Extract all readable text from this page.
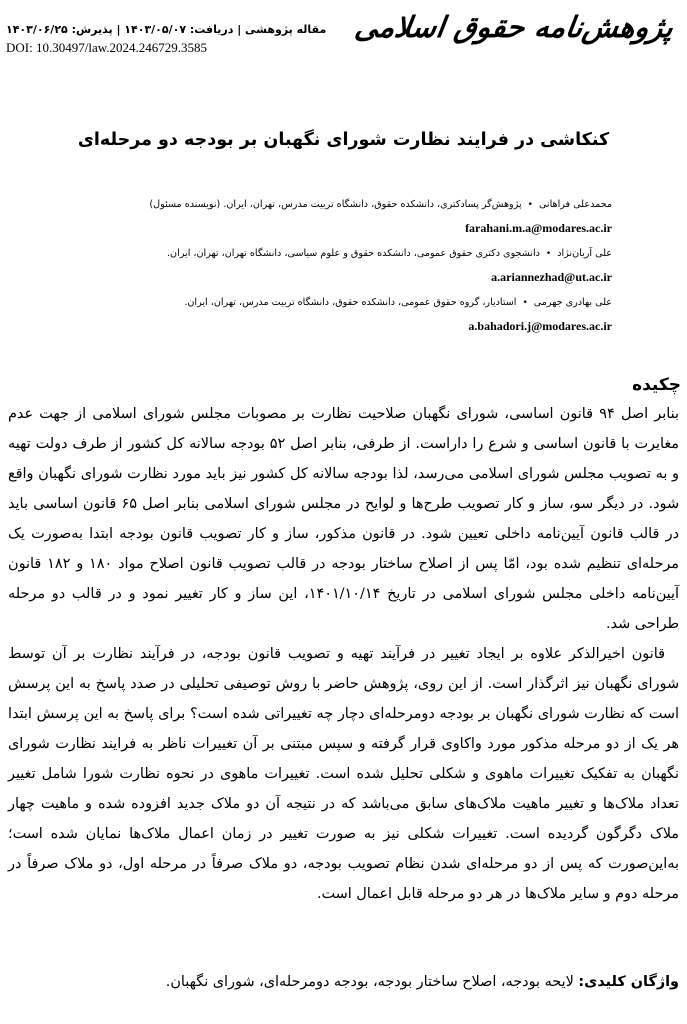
مقاله پژوهشی | دریافت: ۱۴۰۳/۰۵/۰۷ | پذیرش: ۱۴۰۳/۰۶/۲۵
DOI: 10.30497/law.2024.246729.3585
پژوهش‌نامه حقوق اسلامی
کنکاشی در فرایند نظارت شورای نگهبان بر بودجه دو مرحله‌ای
محمدعلی فراهانی•پژوهش‌گر پسادکتری، دانشکده حقوق، دانشگاه تربیت مدرس، تهران، ایران. (نویسنده مسئول)
farahani.m.a@modares.ac.ir
علی آریان‌نژاد•دانشجوی دکتری حقوق عمومی، دانشکده حقوق و علوم سیاسی، دانشگاه تهران، تهران، ایران.
a.ariannezhad@ut.ac.ir
علی بهادری جهرمی•استادیار، گروه حقوق عمومی، دانشکده حقوق، دانشگاه تربیت مدرس، تهران، ایران.
a.bahadori.j@modares.ac.ir
چکیده

بنابر اصل ۹۴ قانون اساسی، شورای نگهبان صلاحیت نظارت بر مصوبات مجلس شورای اسلامی از جهت عدم مغایرت با قانون اساسی و شرع را داراست. از طرفی، بنابر اصل ۵۲ بودجه سالانه کل کشور از طرف دولت تهیه و به تصویب مجلس شورای اسلامی می‌رسد، لذا بودجه سالانه کل کشور نیز باید مورد نظارت شورای نگهبان واقع شود. در دیگر سو، ساز و کار تصویب طرح‌ها و لوایح در مجلس شورای اسلامی بنابر اصل ۶۵ قانون اساسی باید در قالب قانون آیین‌نامه داخلی تعیین شود. در قانون مذکور، ساز و کار تصویب قانون بودجه ابتدا به‌صورت یک مرحله‌ای تنظیم شده بود، امّا پس از اصلاح ساختار بودجه در قالب تصویب قانون اصلاح مواد ۱۸۰ و ۱۸۲ قانون آیین‌نامه داخلی مجلس شورای اسلامی در تاریخ ۱۴۰۱/۱۰/۱۴، این ساز و کار تغییر نمود و در قالب دو مرحله طراحی شد.

قانون اخیرالذکر علاوه بر ایجاد تغییر در فرآیند تهیه و تصویب قانون بودجه، در فرآیند نظارت بر آن توسط شورای نگهبان نیز اثرگذار است. از این روی، پژوهش حاضر با روش توصیفی تحلیلی در صدد پاسخ به این پرسش است که نظارت شورای نگهبان بر بودجه دومرحله‌ای دچار چه تغییراتی شده است؟ برای پاسخ به این پرسش ابتدا هر یک از دو مرحله مذکور مورد واکاوی قرار گرفته و سپس مبتنی بر آن تغییرات ناظر به فرایند نظارت شورای نگهبان به تفکیک تغییرات ماهوی و شکلی تحلیل شده است. تغییرات ماهوی در نحوه نظارت شورا شامل تغییر تعداد ملاک‌ها و تغییر ماهیت ملاک‌های سابق می‌باشد که در نتیجه آن دو ملاک جدید افزوده شده و ماهیت چهار ملاک دگرگون گردیده است. تغییرات شکلی نیز به صورت تغییر در زمان اعمال ملاک‌ها نمایان شده است؛ به‌این‌صورت که پس از دو مرحله‌ای شدن نظام تصویب بودجه، دو ملاک صرفاً در مرحله اول، دو ملاک صرفاً در مرحله دوم و سایر ملاک‌ها در هر دو مرحله قابل اعمال است.

واژگان کلیدی: لایحه بودجه، اصلاح ساختار بودجه، بودجه دومرحله‌ای، شورای نگهبان.
